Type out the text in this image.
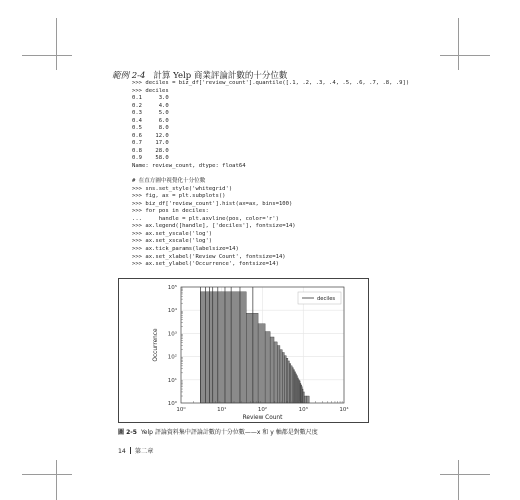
範例 2-4 計算 Yelp 商業評論計數的十分位數
>>> deciles = biz_df['review_count'].quantile([.1, .2, .3, .4, .5, .6, .7, .8, .9])
>>> deciles
0.1     3.0
0.2     4.0
0.3     5.0
0.4     6.0
0.5     8.0
0.6    12.0
0.7    17.0
0.8    28.0
0.9    58.0
Name: review_count, dtype: float64
# 在直方圖中視覺化十分位數
>>> sns.set_style('whitegrid')
>>> fig, ax = plt.subplots()
>>> biz_df['review_count'].hist(ax=ax, bins=100)
>>> for pos in deciles:
...     handle = plt.axvline(pos, color='r')
>>> ax.legend([handle], ['deciles'], fontsize=14)
>>> ax.set_yscale('log')
>>> ax.set_xscale('log')
>>> ax.tick_params(labelsize=14)
>>> ax.set_xlabel('Review Count', fontsize=14)
>>> ax.set_ylabel('Occurrence', fontsize=14)
10⁰	10¹	10²	10³	10⁴
10⁰
10¹
10²
10³
10⁴
10⁵
Review Count
Occurrence
deciles
圖 2-5 Yelp 評論資料集中評論計數的十分位數——x 和 y 軸都是對數尺度
14 第二章
